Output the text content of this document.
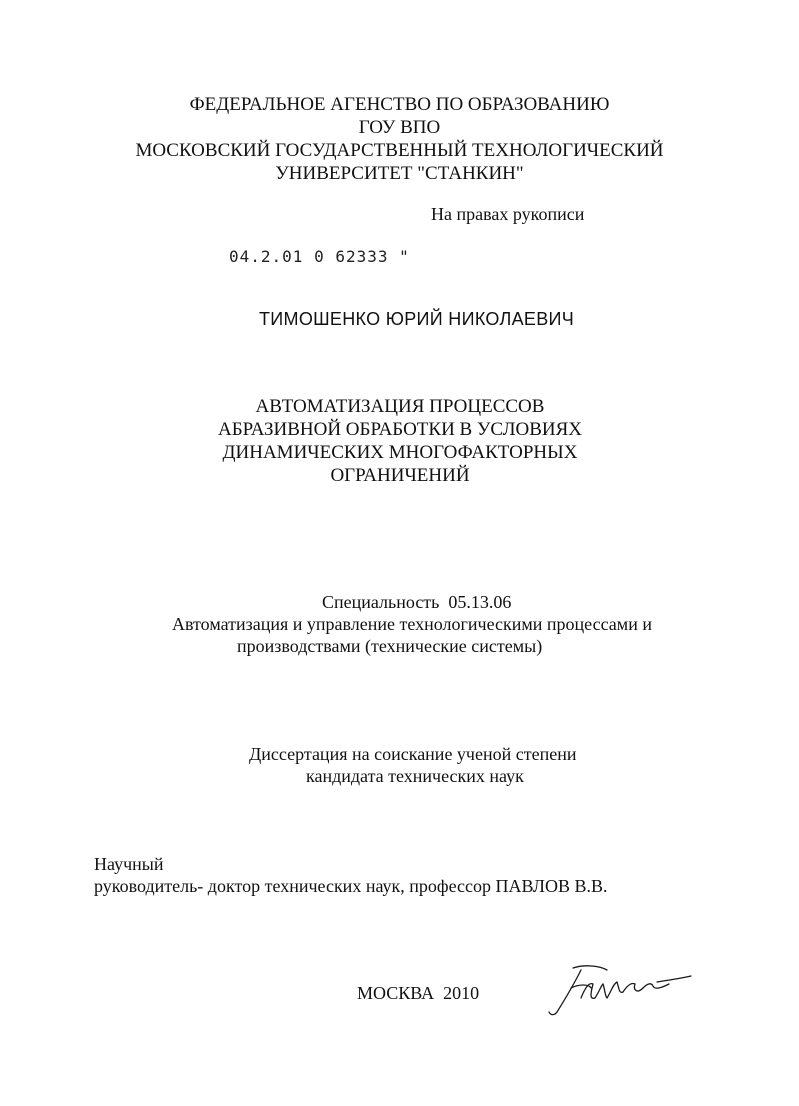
ФЕДЕРАЛЬНОЕ АГЕНСТВО ПО ОБРАЗОВАНИЮ
ГОУ ВПО
МОСКОВСКИЙ ГОСУДАРСТВЕННЫЙ ТЕХНОЛОГИЧЕСКИЙ
УНИВЕРСИТЕТ "СТАНКИН"
На правах рукописи
04.2.01 0 62333 "
ТИМОШЕНКО ЮРИЙ НИКОЛАЕВИЧ
АВТОМАТИЗАЦИЯ ПРОЦЕССОВ
АБРАЗИВНОЙ ОБРАБОТКИ В УСЛОВИЯХ
ДИНАМИЧЕСКИХ МНОГОФАКТОРНЫХ
ОГРАНИЧЕНИЙ
Специальность 05.13.06
Автоматизация и управление технологическими процессами и
производствами (технические системы)
Диссертация на соискание ученой степени
кандидата технических наук
Научный
руководитель- доктор технических наук, профессор ПАВЛОВ В.В.
МОСКВА 2010
